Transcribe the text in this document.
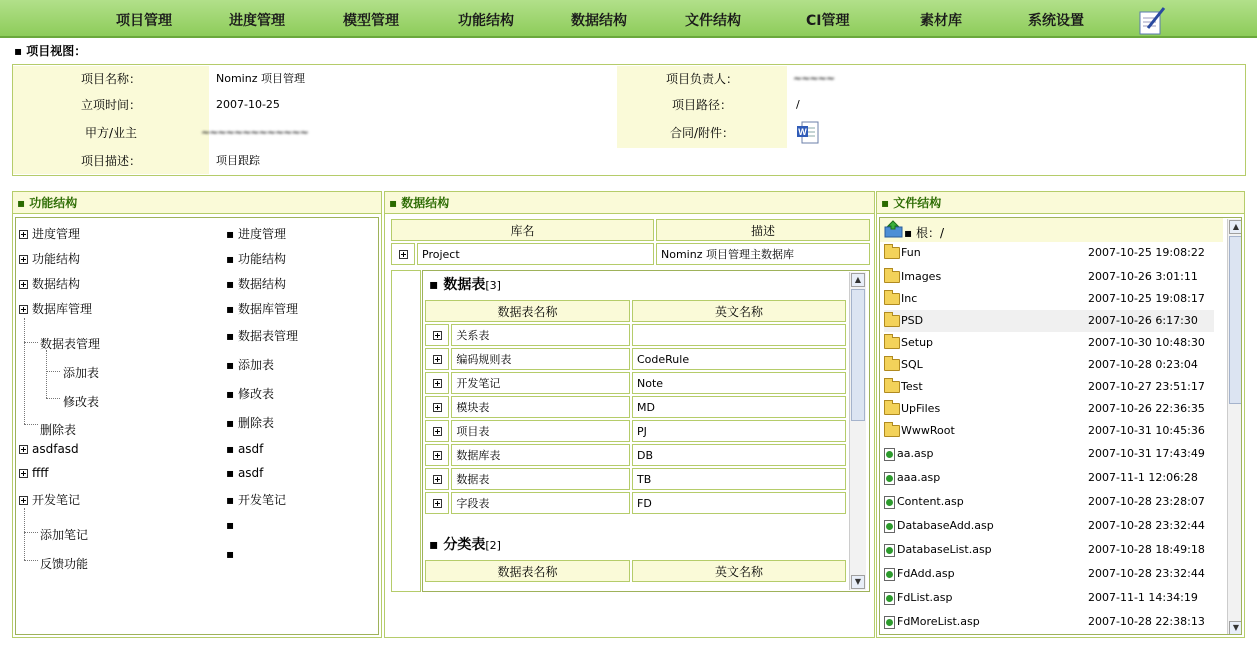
项目管理	进度管理	模型管理	功能结构	数据结构	文件结构	CI管理	素材库	系统设置
▪ 项目视图：
项目名称：	Nominz 项目管理
立项时间：	2007-10-25
甲方/业主	~~~~~~~~~~~~~
项目描述：	项目跟踪
项目负责人：	~~~~~
项目路径：	/
合同/附件：	W
▪ 功能结构
进度管理
功能结构
数据结构
数据库管理
数据表管理
添加表
修改表
删除表
asdfasd
ffff
开发笔记
添加笔记
反馈功能
▪ 进度管理
▪ 功能结构
▪ 数据结构
▪ 数据库管理
▪ 数据表管理
▪ 添加表
▪ 修改表
▪ 删除表
▪ asdf
▪ asdf
▪ 开发笔记
▪
▪
▪ 数据结构
库名		描述
	Project	Nominz 项目管理主数据库
▪ 数据表[3]
数据表名称		英文名称
	关系表	
	编码规则表	CodeRule
	开发笔记	Note
	模块表	MD
	项目表	PJ
	数据库表	DB
	数据表	TB
	字段表	FD
▪ 分类表[2]
数据表名称	英文名称
▲
▼
▪ 文件结构
▪ 根：/
Fun	2007-10-25 19:08:22
Images	2007-10-26 3:01:11
Inc	2007-10-25 19:08:17
PSD	2007-10-26 6:17:30
Setup	2007-10-30 10:48:30
SQL	2007-10-28 0:23:04
Test	2007-10-27 23:51:17
UpFiles	2007-10-26 22:36:35
WwwRoot	2007-10-31 10:45:36
aa.asp	2007-10-31 17:43:49
aaa.asp	2007-11-1 12:06:28
Content.asp	2007-10-28 23:28:07
DatabaseAdd.asp	2007-10-28 23:32:44
DatabaseList.asp	2007-10-28 18:49:18
FdAdd.asp	2007-10-28 23:32:44
FdList.asp	2007-11-1 14:34:19
FdMoreList.asp	2007-10-28 22:38:13
▲
▼
